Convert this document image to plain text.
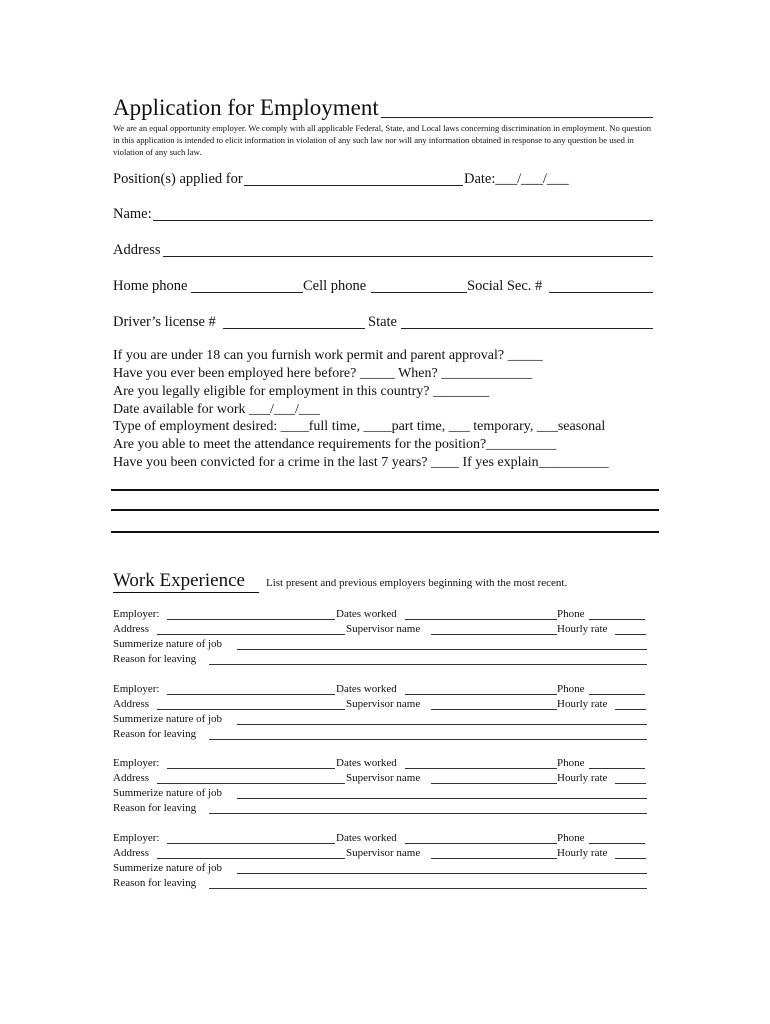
Application for Employment
We are an equal opportunity employer. We comply with all applicable Federal, State, and Local laws concerning discrimination in employment. No question in this application is intended to elicit information in violation of any such law nor will any information obtained in response to any question be used in violation of any such law.
Position(s) applied for	Date:___/___/___
Name:
Address
Home phone	Cell phone	Social Sec. #
Driver’s license #	State
If you are under 18 can you furnish work permit and parent approval? _____
Have you ever been employed here before? _____ When? _____________
Are you legally eligible for employment in this country? ________
Date available for work ___/___/___
Type of employment desired: ____full time, ____part time, ___ temporary, ___seasonal
Are you able to meet the attendance requirements for the position?__________
Have you been convicted for a crime in the last 7 years? ____ If yes explain__________
Work Experience List present and previous employers beginning with the most recent.
Employer:	Dates worked	Phone
Address	Supervisor name	Hourly rate
Summerize nature of job
Reason for leaving
Employer:	Dates worked	Phone
Address	Supervisor name	Hourly rate
Summerize nature of job
Reason for leaving
Employer:	Dates worked	Phone
Address	Supervisor name	Hourly rate
Summerize nature of job
Reason for leaving
Employer:	Dates worked	Phone
Address	Supervisor name	Hourly rate
Summerize nature of job
Reason for leaving
